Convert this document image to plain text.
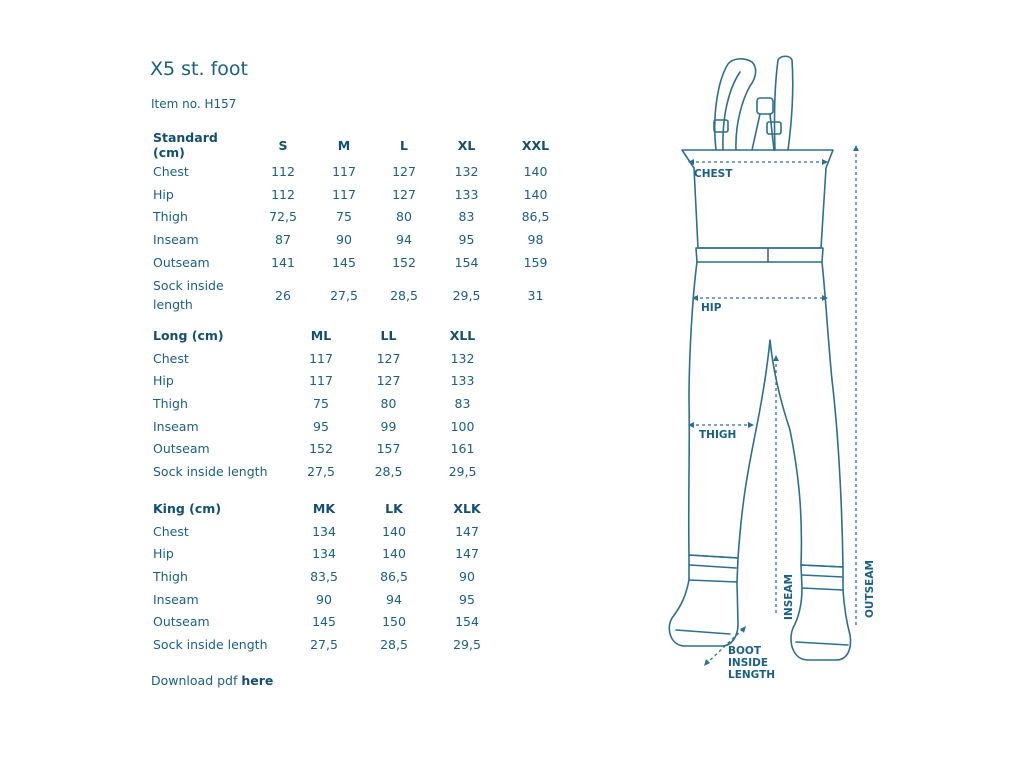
X5 st. foot
Item no. H157
Standard (cm)	S	M	L	XL	XXL
Chest	112	117	127	132	140
Hip	112	117	127	133	140
Thigh	72,5	75	80	83	86,5
Inseam	87	90	94	95	98
Outseam	141	145	152	154	159
Sock inside length	26	27,5	28,5	29,5	31
Long (cm)	ML	LL	XLL
Chest	117	127	132
Hip	117	127	133
Thigh	75	80	83
Inseam	95	99	100
Outseam	152	157	161
Sock inside length	27,5	28,5	29,5
King (cm)	MK	LK	XLK
Chest	134	140	147
Hip	134	140	147
Thigh	83,5	86,5	90
Inseam	90	94	95
Outseam	145	150	154
Sock inside length	27,5	28,5	29,5
Download pdf here
CHEST
HIP
THIGH
INSEAM	OUTSEAM
BOOT
INSIDE
LENGTH
